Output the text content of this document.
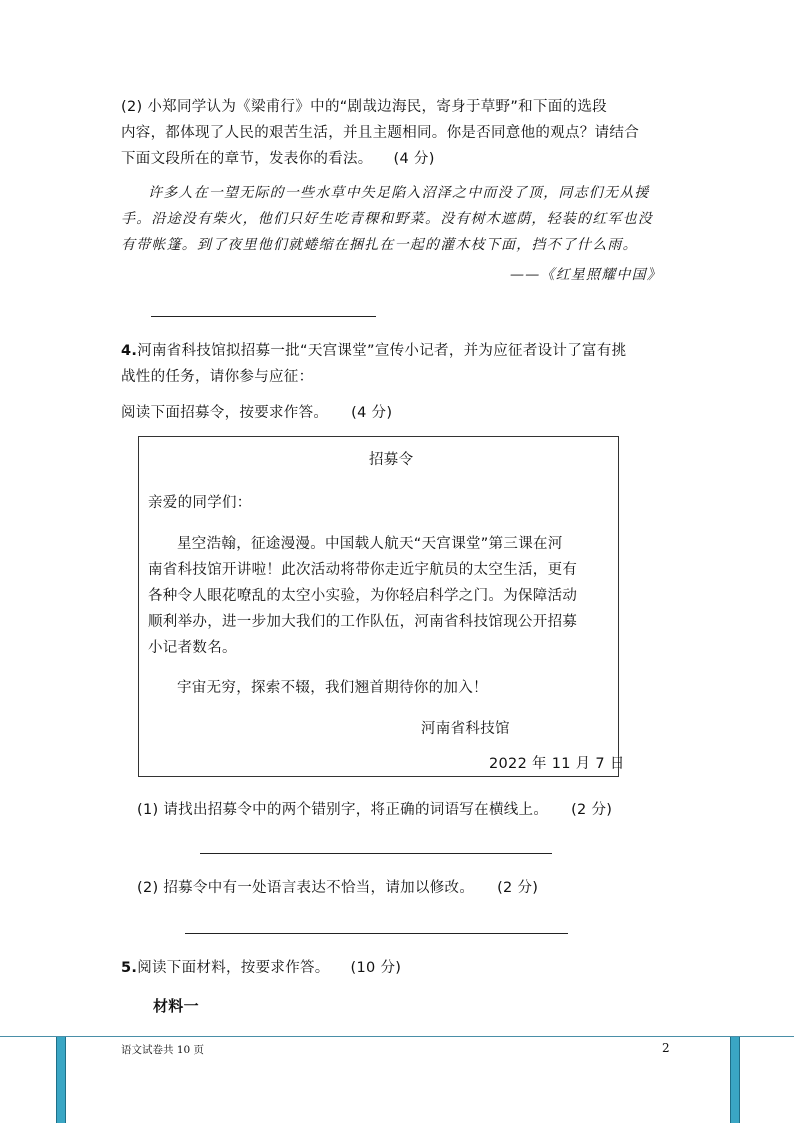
(2) 小郑同学认为《梁甫行》中的“剧哉边海民，寄身于草野”和下面的选段
内容，都体现了人民的艰苦生活，并且主题相同。你是否同意他的观点？请结合
下面文段所在的章节，发表你的看法。 (4 分)
许多人在一望无际的一些水草中失足陷入沼泽之中而没了顶，同志们无从援
手。沿途没有柴火，他们只好生吃青稞和野菜。没有树木遮荫，轻装的红军也没
有带帐篷。到了夜里他们就蜷缩在捆扎在一起的灌木枝下面，挡不了什么雨。
——《红星照耀中国》
4.河南省科技馆拟招募一批“天宫课堂”宣传小记者，并为应征者设计了富有挑
战性的任务，请你参与应征：
阅读下面招募令，按要求作答。 (4 分)
招募令
亲爱的同学们：
星空浩翰，征途漫漫。中国载人航天“天宫课堂”第三课在河
南省科技馆开讲啦！此次活动将带你走近宇航员的太空生活，更有
各种令人眼花嘹乱的太空小实验，为你轻启科学之门。为保障活动
顺利举办，进一步加大我们的工作队伍，河南省科技馆现公开招募
小记者数名。
宇宙无穷，探索不辍，我们翘首期待你的加入！
河南省科技馆
2022 年 11 月 7 日
(1) 请找出招募令中的两个错别字，将正确的词语写在横线上。 (2 分)
(2) 招募令中有一处语言表达不恰当，请加以修改。 (2 分)
5.阅读下面材料，按要求作答。 (10 分)
材料一
语文试卷共 10 页	2
